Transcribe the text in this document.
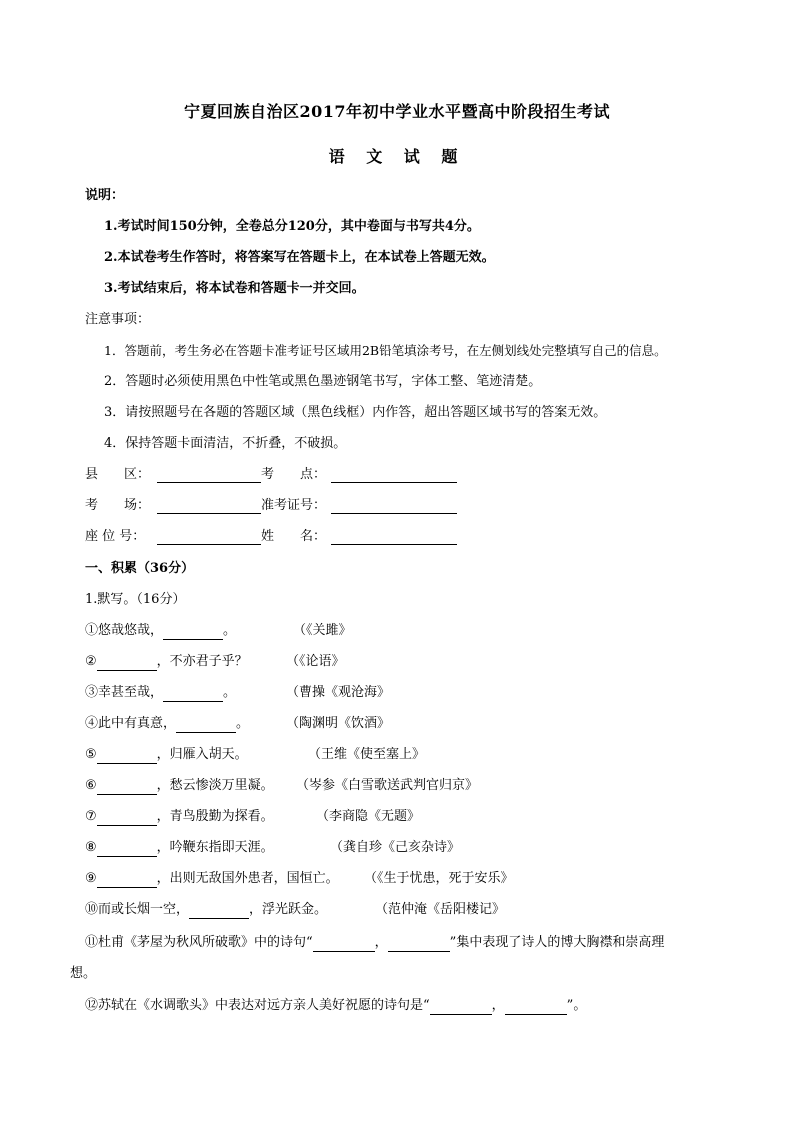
宁夏回族自治区2017年初中学业水平暨高中阶段招生考试
语 文 试 题
说明：
1.考试时间150分钟，全卷总分120分，其中卷面与书写共4分。
2.本试卷考生作答时，将答案写在答题卡上，在本试卷上答题无效。
3.考试结束后，将本试卷和答题卡一并交回。
注意事项：
1．答题前，考生务必在答题卡准考证号区域用2B铅笔填涂考号，在左侧划线处完整填写自己的信息。
2．答题时必须使用黑色中性笔或黑色墨迹钢笔书写，字体工整、笔迹清楚。
3．请按照题号在各题的答题区域（黑色线框）内作答，超出答题区域书写的答案无效。
4．保持答题卡面清洁，不折叠，不破损。
县　　区：	考　　点：
考　　场：	准考证号：
座 位 号：	姓　　名：
一、积累（36分）
1.默写。（16分）
①悠哉悠哉，	。	（《关雎》
②	，不亦君子乎？	（《论语》
③幸甚至哉，	。	（曹操《观沧海》
④此中有真意，	。	（陶渊明《饮酒》
⑤	，归雁入胡天。	（王维《使至塞上》
⑥	，愁云惨淡万里凝。 （岑参《白雪歌送武判官归京》
⑦	，青鸟殷勤为探看。	（李商隐《无题》
⑧	，吟鞭东指即天涯。	（龚自珍《己亥杂诗》
⑨	，出则无敌国外患者，国恒亡。 （《生于忧患，死于安乐》
⑩而或长烟一空，	，浮光跃金。	（范仲淹《岳阳楼记》
⑪杜甫《茅屋为秋风所破歌》中的诗句“	，	”集中表现了诗人的博大胸襟和崇高理
想。
⑫苏轼在《水调歌头》中表达对远方亲人美好祝愿的诗句是“	，	”。
